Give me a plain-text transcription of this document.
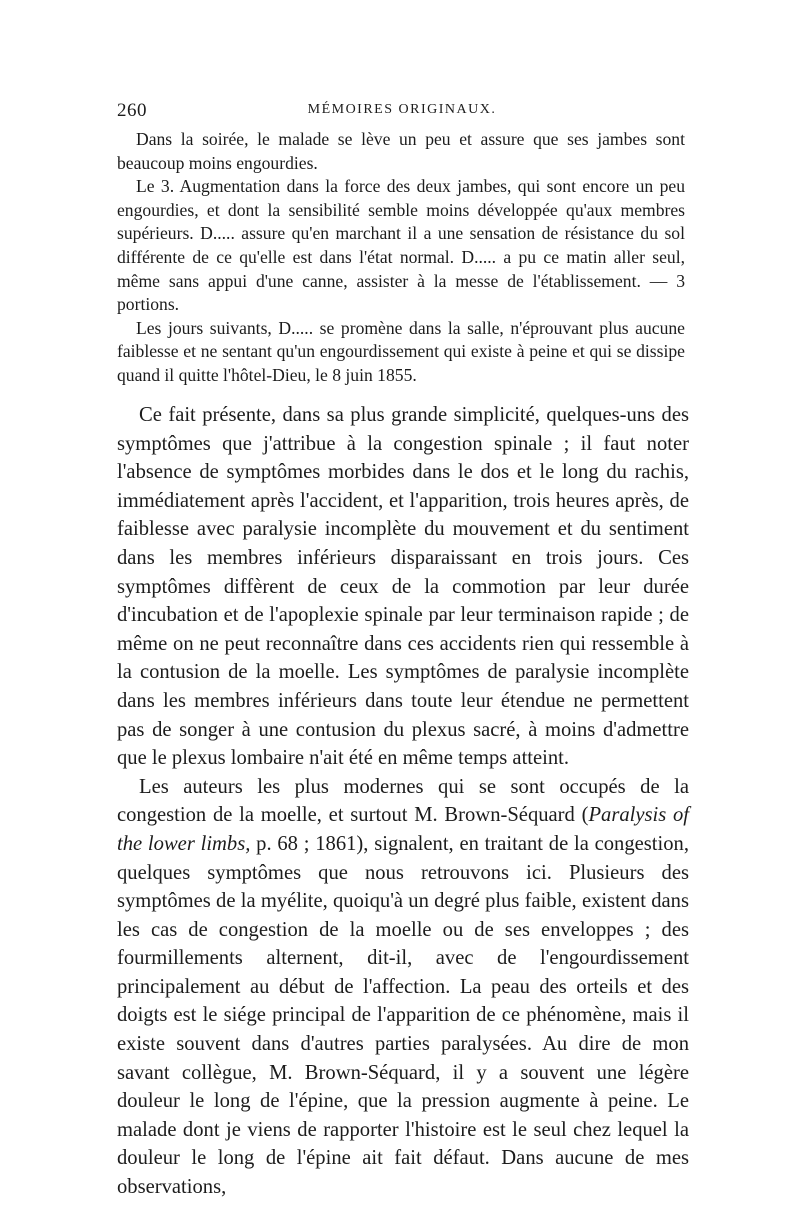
260	MÉMOIRES ORIGINAUX.

Dans la soirée, le malade se lève un peu et assure que ses jambes sont beaucoup moins engourdies.

Le 3. Augmentation dans la force des deux jambes, qui sont encore un peu engourdies, et dont la sensibilité semble moins développée qu'aux membres supérieurs. D..... assure qu'en marchant il a une sensation de résistance du sol différente de ce qu'elle est dans l'état normal. D..... a pu ce matin aller seul, même sans appui d'une canne, assister à la messe de l'établissement. — 3 portions.

Les jours suivants, D..... se promène dans la salle, n'éprouvant plus aucune faiblesse et ne sentant qu'un engourdissement qui existe à peine et qui se dissipe quand il quitte l'hôtel-Dieu, le 8 juin 1855.

Ce fait présente, dans sa plus grande simplicité, quelques-uns des symptômes que j'attribue à la congestion spinale ; il faut noter l'absence de symptômes morbides dans le dos et le long du rachis, immédiatement après l'accident, et l'apparition, trois heures après, de faiblesse avec paralysie incomplète du mouvement et du sentiment dans les membres inférieurs disparaissant en trois jours. Ces symptômes diffèrent de ceux de la commotion par leur durée d'incubation et de l'apoplexie spinale par leur terminaison rapide ; de même on ne peut reconnaître dans ces accidents rien qui ressemble à la contusion de la moelle. Les symptômes de paralysie incomplète dans les membres inférieurs dans toute leur étendue ne permettent pas de songer à une contusion du plexus sacré, à moins d'admettre que le plexus lombaire n'ait été en même temps atteint.

Les auteurs les plus modernes qui se sont occupés de la congestion de la moelle, et surtout M. Brown-Séquard (Paralysis of the lower limbs, p. 68 ; 1861), signalent, en traitant de la congestion, quelques symptômes que nous retrouvons ici. Plusieurs des symptômes de la myélite, quoiqu'à un degré plus faible, existent dans les cas de congestion de la moelle ou de ses enveloppes ; des fourmillements alternent, dit-il, avec de l'engourdissement principalement au début de l'affection. La peau des orteils et des doigts est le siége principal de l'apparition de ce phénomène, mais il existe souvent dans d'autres parties paralysées. Au dire de mon savant collègue, M. Brown-Séquard, il y a souvent une légère douleur le long de l'épine, que la pression augmente à peine. Le malade dont je viens de rapporter l'histoire est le seul chez lequel la douleur le long de l'épine ait fait défaut. Dans aucune de mes observations,
